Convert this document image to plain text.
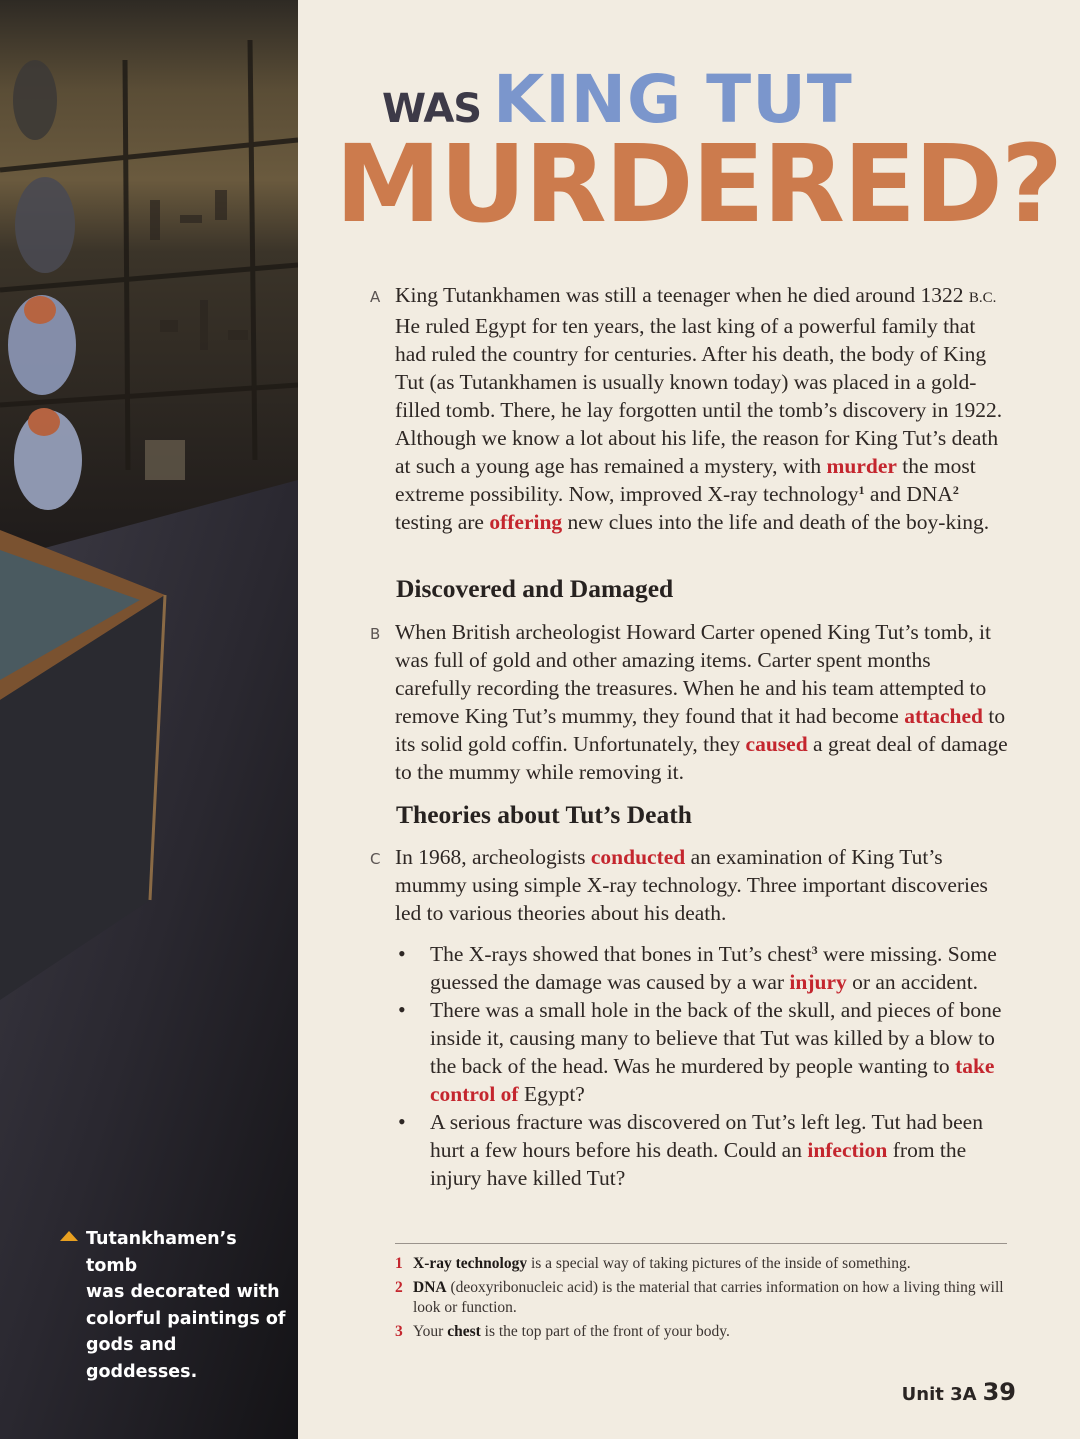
Tutankhamen’s tomb
was decorated with
colorful paintings of
gods and goddesses.
WAS KING TUT
MURDERED?
A King Tutankhamen was still a teenager when he died around 1322 B.C. He ruled Egypt for ten years, the last king of a powerful family that had ruled the country for centuries. After his death, the body of King Tut (as Tutankhamen is usually known today) was placed in a gold-filled tomb. There, he lay forgotten until the tomb’s discovery in 1922. Although we know a lot about his life, the reason for King Tut’s death at such a young age has remained a mystery, with murder the most extreme possibility. Now, improved X-ray technology$^1$ and DNA$^2$ testing are offering new clues into the life and death of the boy-king.
Discovered and Damaged
B When British archeologist Howard Carter opened King Tut’s tomb, it was full of gold and other amazing items. Carter spent months carefully recording the treasures. When he and his team attempted to remove King Tut’s mummy, they found that it had become attached to its solid gold coffin. Unfortunately, they caused a great deal of damage to the mummy while removing it.
Theories about Tut’s Death
C In 1968, archeologists conducted an examination of King Tut’s mummy using simple X-ray technology. Three important discoveries led to various theories about his death.
• The X-rays showed that bones in Tut’s chest$^3$ were missing. Some guessed the damage was caused by a war injury or an accident.
• There was a small hole in the back of the skull, and pieces of bone inside it, causing many to believe that Tut was killed by a blow to the back of the head. Was he murdered by people wanting to take control of Egypt?
• A serious fracture was discovered on Tut’s left leg. Tut had been hurt a few hours before his death. Could an infection from the injury have killed Tut?
1 X-ray technology is a special way of taking pictures of the inside of something.
2 DNA (deoxyribonucleic acid) is the material that carries information on how a living thing will look or function.
3 Your chest is the top part of the front of your body.
Unit 3A 39
